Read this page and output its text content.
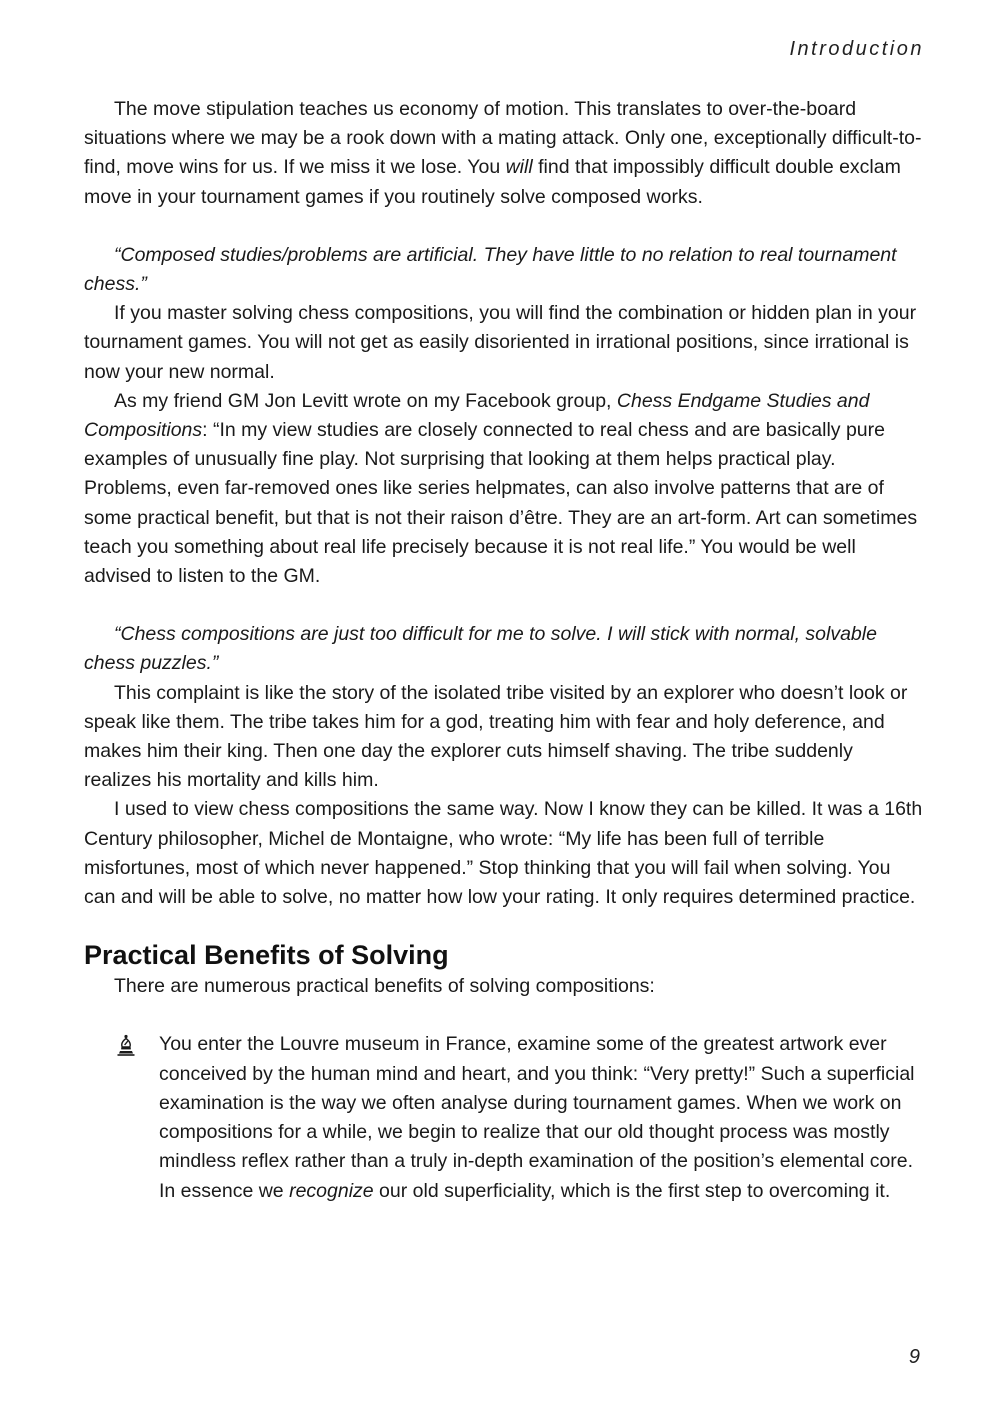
Introduction

The move stipulation teaches us economy of motion. This translates to over-the-board situations where we may be a rook down with a mating attack. Only one, exceptionally difficult-to-find, move wins for us. If we miss it we lose. You will find that impossibly difficult double exclam move in your tournament games if you routinely solve composed works.

“Composed studies/problems are artificial. They have little to no relation to real tournament chess.”

If you master solving chess compositions, you will find the combination or hidden plan in your tournament games. You will not get as easily disoriented in irrational positions, since irrational is now your new normal.

As my friend GM Jon Levitt wrote on my Facebook group, Chess Endgame Studies and Compositions: “In my view studies are closely connected to real chess and are basically pure examples of unusually fine play. Not surprising that looking at them helps practical play. Problems, even far-removed ones like series helpmates, can also involve patterns that are of some practical benefit, but that is not their raison d’être. They are an art-form. Art can sometimes teach you something about real life precisely because it is not real life.” You would be well advised to listen to the GM.

“Chess compositions are just too difficult for me to solve. I will stick with normal, solvable chess puzzles.”

This complaint is like the story of the isolated tribe visited by an explorer who doesn’t look or speak like them. The tribe takes him for a god, treating him with fear and holy deference, and makes him their king. Then one day the explorer cuts himself shaving. The tribe suddenly realizes his mortality and kills him.

I used to view chess compositions the same way. Now I know they can be killed. It was a 16th Century philosopher, Michel de Montaigne, who wrote: “My life has been full of terrible misfortunes, most of which never happened.” Stop thinking that you will fail when solving. You can and will be able to solve, no matter how low your rating. It only requires determined practice.

Practical Benefits of Solving

There are numerous practical benefits of solving compositions:

You enter the Louvre museum in France, examine some of the greatest artwork ever conceived by the human mind and heart, and you think: “Very pretty!” Such a superficial examination is the way we often analyse during tournament games. When we work on compositions for a while, we begin to realize that our old thought process was mostly mindless reflex rather than a truly in-depth examination of the position’s elemental core. In essence we recognize our old superficiality, which is the first step to overcoming it.

9
